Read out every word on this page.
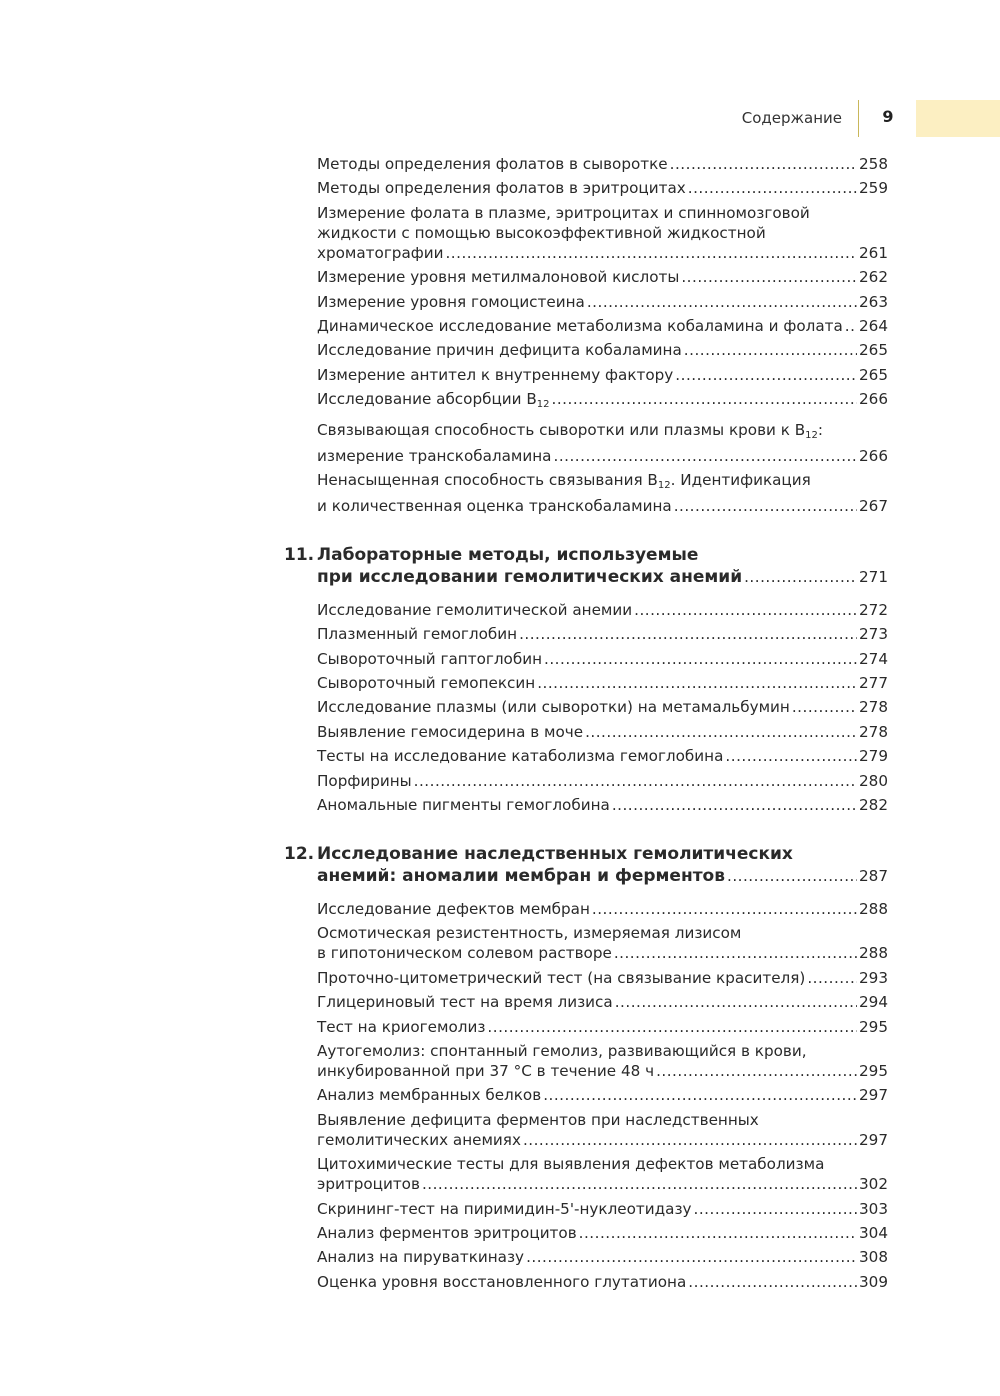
Содержание	9
Методы определения фолатов в сыворотке .....	258
Методы определения фолатов в эритроцитах .....	259
Измерение фолата в плазме, эритроцитах и спинномозговой
жидкости с помощью высокоэффективной жидкостной
хроматографии .....	261
Измерение уровня метилмалоновой кислоты .....	262
Измерение уровня гомоцистеина .....	263
Динамическое исследование метаболизма кобаламина и фолата ..... 264
Исследование причин дефицита кобаламина .....	265
Измерение антител к внутреннему фактору .....	265
Исследование абсорбции B12 .....	266
Связывающая способность сыворотки или плазмы крови к B12:
измерение транскобаламина .....	266
Ненасыщенная способность связывания B12. Идентификация
и количественная оценка транскобаламина .....	267
11. Лабораторные методы, используемые
при исследовании гемолитических анемий .....	271
Исследование гемолитической анемии .....	272
Плазменный гемоглобин .....	273
Сывороточный гаптоглобин .....	274
Сывороточный гемопексин .....	277
Исследование плазмы (или сыворотки) на метамальбумин .....	278
Выявление гемосидерина в моче .....	278
Тесты на исследование катаболизма гемоглобина .....	279
Порфирины .....	280
Аномальные пигменты гемоглобина .....	282
12. Исследование наследственных гемолитических
анемий: аномалии мембран и ферментов .....	287
Исследование дефектов мембран .....	288
Осмотическая резистентность, измеряемая лизисом
в гипотоническом солевом растворе .....	288
Проточно-цитометрический тест (на связывание красителя) .....	293
Глицериновый тест на время лизиса .....	294
Тест на криогемолиз .....	295
Аутогемолиз: спонтанный гемолиз, развивающийся в крови,
инкубированной при 37 °С в течение 48 ч .....	295
Анализ мембранных белков .....	297
Выявление дефицита ферментов при наследственных
гемолитических анемиях .....	297
Цитохимические тесты для выявления дефектов метаболизма
эритроцитов .....	302
Скрининг-тест на пиримидин-5'-нуклеотидазу .....	303
Анализ ферментов эритроцитов .....	304
Анализ на пируваткиназу .....	308
Оценка уровня восстановленного глутатиона .....	309
